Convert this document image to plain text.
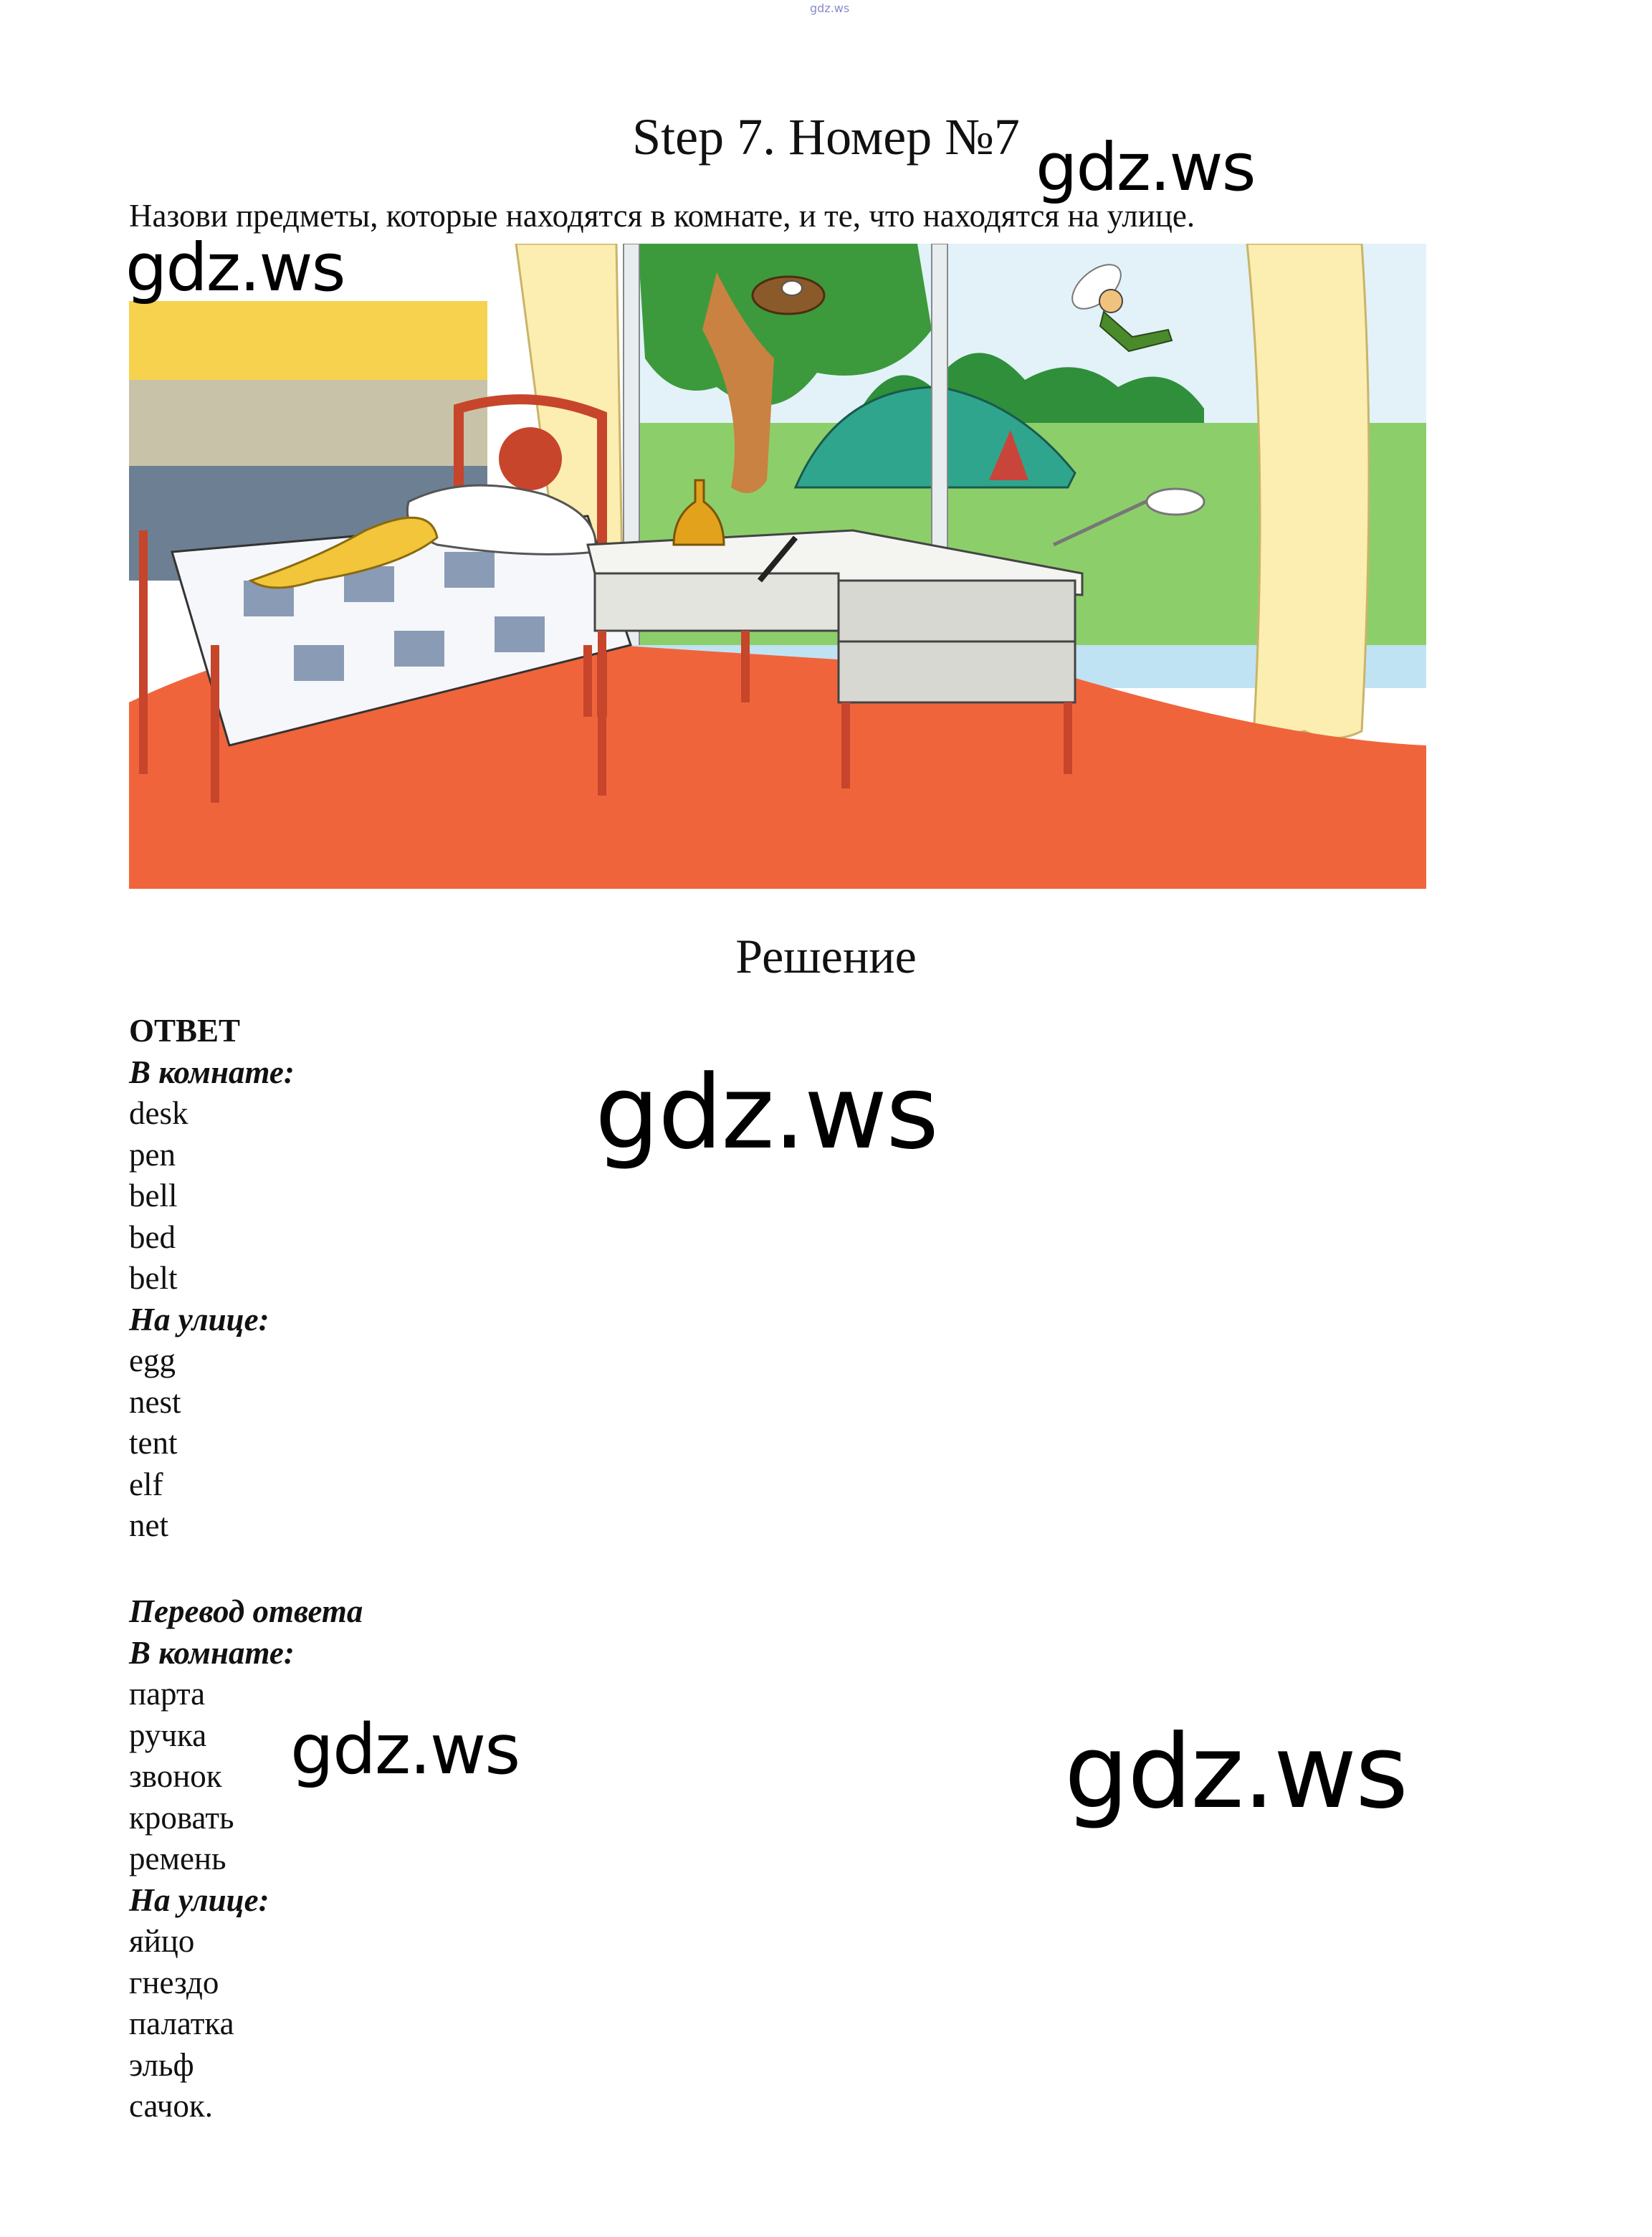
gdz.ws
Step 7. Номер №7
Назови предметы, которые находятся в комнате, и те, что находятся на улице.
Решение
ОТВЕТ
В комнате:
desk
pen
bell
bed
belt
На улице:
egg
nest
tent
elf
net
Перевод ответа
В комнате:
парта
ручка
звонок
кровать
ремень
На улице:
яйцо
гнездо
палатка
эльф
сачок.
gdz.ws
gdz.ws
gdz.ws
gdz.ws	gdz.ws
